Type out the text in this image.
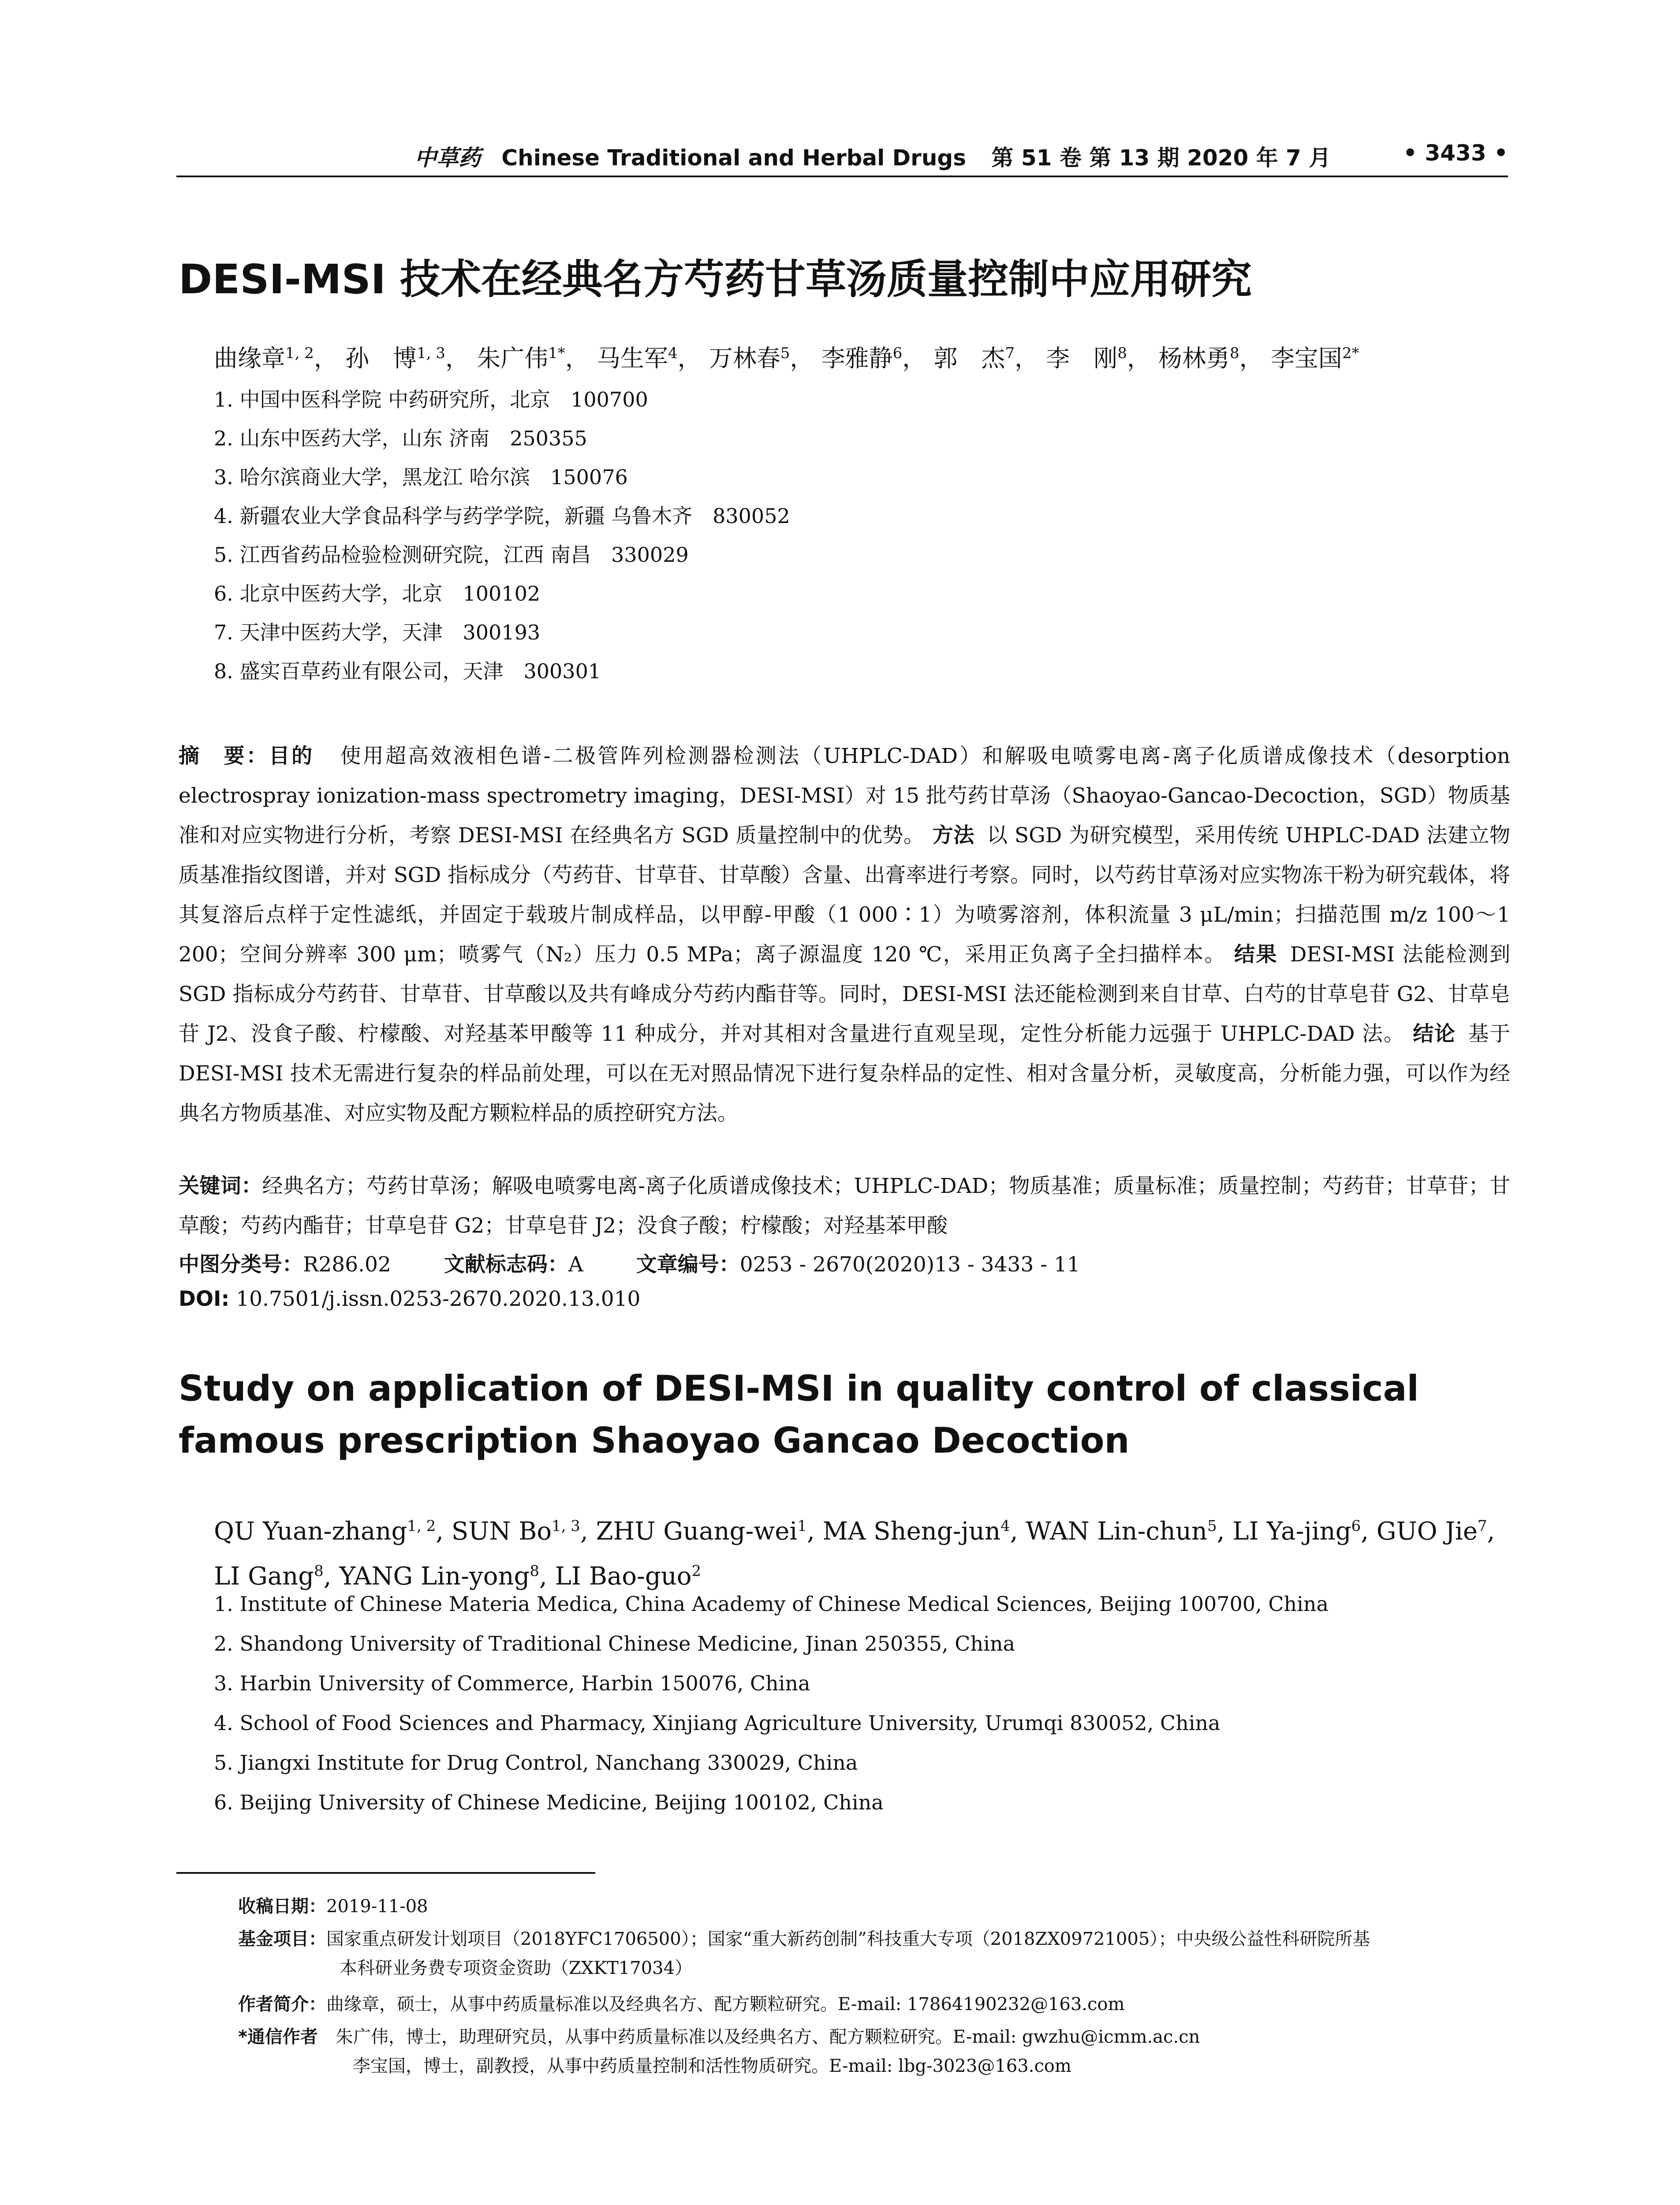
中草药 Chinese Traditional and Herbal Drugs 第 51 卷 第 13 期 2020 年 7 月	• 3433 •
DESI-MSI 技术在经典名方芍药甘草汤质量控制中应用研究
曲缘章$^{1, 2}$， 孙　博$^{1, 3}$， 朱广伟$^{1*}$， 马生军$^4$， 万林春$^5$， 李雅静$^6$， 郭　杰$^7$， 李　刚$^8$， 杨林勇$^8$， 李宝国$^{2*}$
1. 中国中医科学院 中药研究所，北京　100700
2. 山东中医药大学，山东 济南　250355
3. 哈尔滨商业大学，黑龙江 哈尔滨　150076
4. 新疆农业大学食品科学与药学学院，新疆 乌鲁木齐　830052
5. 江西省药品检验检测研究院，江西 南昌　330029
6. 北京中医药大学，北京　100102
7. 天津中医药大学，天津　300193
8. 盛实百草药业有限公司，天津　300301
摘　要：目的 使用超高效液相色谱-二极管阵列检测器检测法（UHPLC-DAD）和解吸电喷雾电离-离子化质谱成像技术（desorption electrospray ionization-mass spectrometry imaging，DESI-MSI）对 15 批芍药甘草汤（Shaoyao-Gancao-Decoction，SGD）物质基准和对应实物进行分析，考察 DESI-MSI 在经典名方 SGD 质量控制中的优势。 方法 以 SGD 为研究模型，采用传统 UHPLC-DAD 法建立物质基准指纹图谱，并对 SGD 指标成分（芍药苷、甘草苷、甘草酸）含量、出膏率进行考察。同时，以芍药甘草汤对应实物冻干粉为研究载体，将其复溶后点样于定性滤纸，并固定于载玻片制成样品，以甲醇-甲酸（1 000∶1）为喷雾溶剂，体积流量 3 μL/min；扫描范围 m/z 100～1 200；空间分辨率 300 μm；喷雾气（N₂）压力 0.5 MPa；离子源温度 120 ℃，采用正负离子全扫描样本。 结果 DESI-MSI 法能检测到 SGD 指标成分芍药苷、甘草苷、甘草酸以及共有峰成分芍药内酯苷等。同时，DESI-MSI 法还能检测到来自甘草、白芍的甘草皂苷 G2、甘草皂苷 J2、没食子酸、柠檬酸、对羟基苯甲酸等 11 种成分，并对其相对含量进行直观呈现，定性分析能力远强于 UHPLC-DAD 法。 结论 基于 DESI-MSI 技术无需进行复杂的样品前处理，可以在无对照品情况下进行复杂样品的定性、相对含量分析，灵敏度高，分析能力强，可以作为经典名方物质基准、对应实物及配方颗粒样品的质控研究方法。
关键词：经典名方；芍药甘草汤；解吸电喷雾电离-离子化质谱成像技术；UHPLC-DAD；物质基准；质量标准；质量控制；芍药苷；甘草苷；甘草酸；芍药内酯苷；甘草皂苷 G2；甘草皂苷 J2；没食子酸；柠檬酸；对羟基苯甲酸
中图分类号：R286.02	文献标志码：A	文章编号：0253 - 2670(2020)13 - 3433 - 11
DOI: 10.7501/j.issn.0253-2670.2020.13.010
Study on application of DESI-MSI in quality control of classical famous prescription Shaoyao Gancao Decoction
QU Yuan-zhang$^{1, 2}$, SUN Bo$^{1, 3}$, ZHU Guang-wei$^1$, MA Sheng-jun$^4$, WAN Lin-chun$^5$, LI Ya-jing$^6$, GUO Jie$^7$, LI Gang$^8$, YANG Lin-yong$^8$, LI Bao-guo$^2$
1. Institute of Chinese Materia Medica, China Academy of Chinese Medical Sciences, Beijing 100700, China
2. Shandong University of Traditional Chinese Medicine, Jinan 250355, China
3. Harbin University of Commerce, Harbin 150076, China
4. School of Food Sciences and Pharmacy, Xinjiang Agriculture University, Urumqi 830052, China
5. Jiangxi Institute for Drug Control, Nanchang 330029, China
6. Beijing University of Chinese Medicine, Beijing 100102, China
收稿日期：2019-11-08
基金项目：国家重点研发计划项目（2018YFC1706500）；国家“重大新药创制”科技重大专项（2018ZX09721005）；中央级公益性科研院所基
本科研业务费专项资金资助（ZXKT17034）
作者简介：曲缘章，硕士，从事中药质量标准以及经典名方、配方颗粒研究。E-mail: 17864190232@163.com
*通信作者 朱广伟，博士，助理研究员，从事中药质量标准以及经典名方、配方颗粒研究。E-mail: gwzhu@icmm.ac.cn
李宝国，博士，副教授，从事中药质量控制和活性物质研究。E-mail: lbg-3023@163.com
